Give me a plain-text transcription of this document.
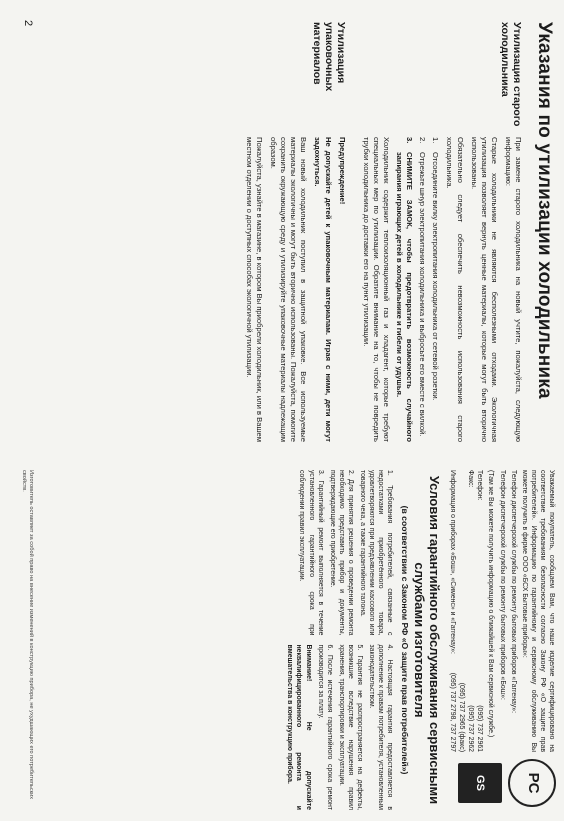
2	Указания по утилизации холодильника
Утилизация старого холодильника

При замене старого холодильника на новый учтите, пожалуйста, следующую информацию:

Старые холодильники не являются бесполезными отходами. Экологичная утилизация позволяет вернуть ценные материалы, которые могут быть вторично использованы.

Обязательно следует обеспечить невозможность использования старого холодильника.

1.
Отсоедините вилку электропитания холодильника от сетевой розетки.
2.
Отрежьте шнур электропитания холодильника и выбросьте его вместе с вилкой.
3.
СНИМИТЕ ЗАМОК, чтобы предотвратить возможность случайного запирания играющих детей в холодильнике и гибели от удушья.

Холодильник содержит теплоизоляционный газ и хладагент, которые требуют специальных мер по утилизации. Обратите внимание на то, чтобы не повредить трубки холодильника до доставки его на пункт утилизации.

Утилизация упаковочных материалов

Предупреждение!

Не допускайте детей к упаковочным материалам. Играя с ними, дети могут задохнуться.

Ваш новый холодильник поступил в защитной упаковке. Все используемые материалы экологичны и могут быть вторично использованы. Пожалуйста, помогите сохранить окружающую среду и утилизируйте упаковочные материалы надлежащим образом.

Пожалуйста, узнайте в магазине, в котором Вы приобрели холодильник, или в Вашем местном отделении о доступных способах экологичной утилизации.

PC
GS

Уважаемый покупатель, сообщаем Вам, что наше изделие сертифицировано на соответствие требованиям безопасности согласно Закону РФ «О защите прав потребителей». Информацию по гарантийному и сервисному обслуживанию Вы можете получить в фирме ООО «БСХ Бытовые приборы»:

Телефон диспетчерской службы по ремонту бытовых приборов «Гаггенау»:

Телефон диспетчерской службы по ремонту бытовых приборов «Бош»:

(Там же Вы можете получить информацию о ближайшей к Вам сервисной службе.)

Телефон:
(095) 737 2961
Факс:
(095) 737 2962
(095) 737 2965 (факс)
Информация о приборах «Бош», «Сименс» и «Гаггенау»:
(095) 737 2798, 737 2797
Условия гарантийного обслуживания сервисными службами изготовителя
(в соответствии с Законом РФ «О защите прав потребителей»)

1. Требования потребителей, связанные с недостатками приобретённого товара, удовлетворяются при предъявлении кассового или товарного чека, а также гарантийного талона.

2. Для принятия решения о проведении ремонта необходимо представить прибор и документы, подтверждающие его приобретение.

3. Гарантийный ремонт выполняется в течение установленного гарантийного срока при соблюдении правил эксплуатации.

4. Настоящая гарантия предоставляется в дополнение к правам потребителя, установленным законодательством.

5. Гарантия не распространяется на дефекты, возникшие вследствие нарушения правил хранения, транспортировки и эксплуатации.

6. После истечения гарантийного срока ремонт производится за плату.

Внимание! Не допускайте неквалифицированного ремонта и вмешательства в конструкцию прибора.

Изготовитель оставляет за собой право на внесение изменений в конструкцию прибора, не ухудшающих его потребительских свойств.
